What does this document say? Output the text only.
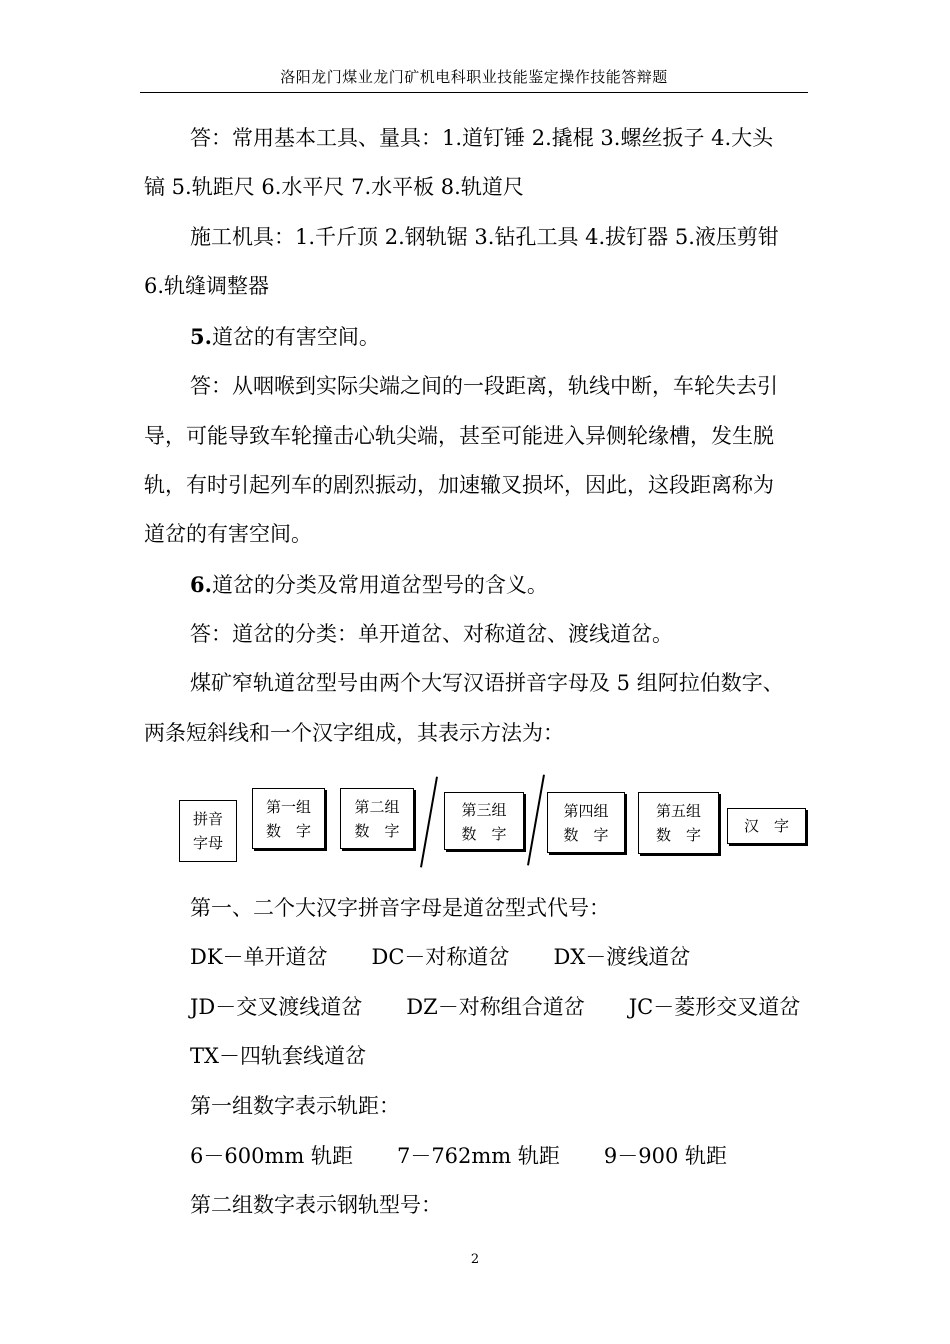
洛阳龙门煤业龙门矿机电科职业技能鉴定操作技能答辩题
答：常用基本工具、量具：1.道钉锤 2.撬棍 3.螺丝扳子 4.大头
镐 5.轨距尺 6.水平尺 7.水平板 8.轨道尺
施工机具：1.千斤顶 2.钢轨锯 3.钻孔工具 4.拔钉器 5.液压剪钳
6.轨缝调整器
5.道岔的有害空间。
答：从咽喉到实际尖端之间的一段距离，轨线中断，车轮失去引
导，可能导致车轮撞击心轨尖端，甚至可能进入异侧轮缘槽，发生脱
轨，有时引起列车的剧烈振动，加速辙叉损坏，因此，这段距离称为
道岔的有害空间。
6.道岔的分类及常用道岔型号的含义。
答：道岔的分类：单开道岔、对称道岔、渡线道岔。
煤矿窄轨道岔型号由两个大写汉语拼音字母及 5 组阿拉伯数字、
两条短斜线和一个汉字组成，其表示方法为：
拼音
字母
第一组
数　字
第二组
数　字
第三组
数　字
第四组
数　字
第五组
数　字	汉　字
第一、二个大汉字拼音字母是道岔型式代号：
DK－单开道岔 DC－对称道岔 DX－渡线道岔
JD－交叉渡线道岔 DZ－对称组合道岔 JC－菱形交叉道岔
TX－四轨套线道岔
第一组数字表示轨距：
6－600mm 轨距 7－762mm 轨距 9－900 轨距
第二组数字表示钢轨型号：
2
